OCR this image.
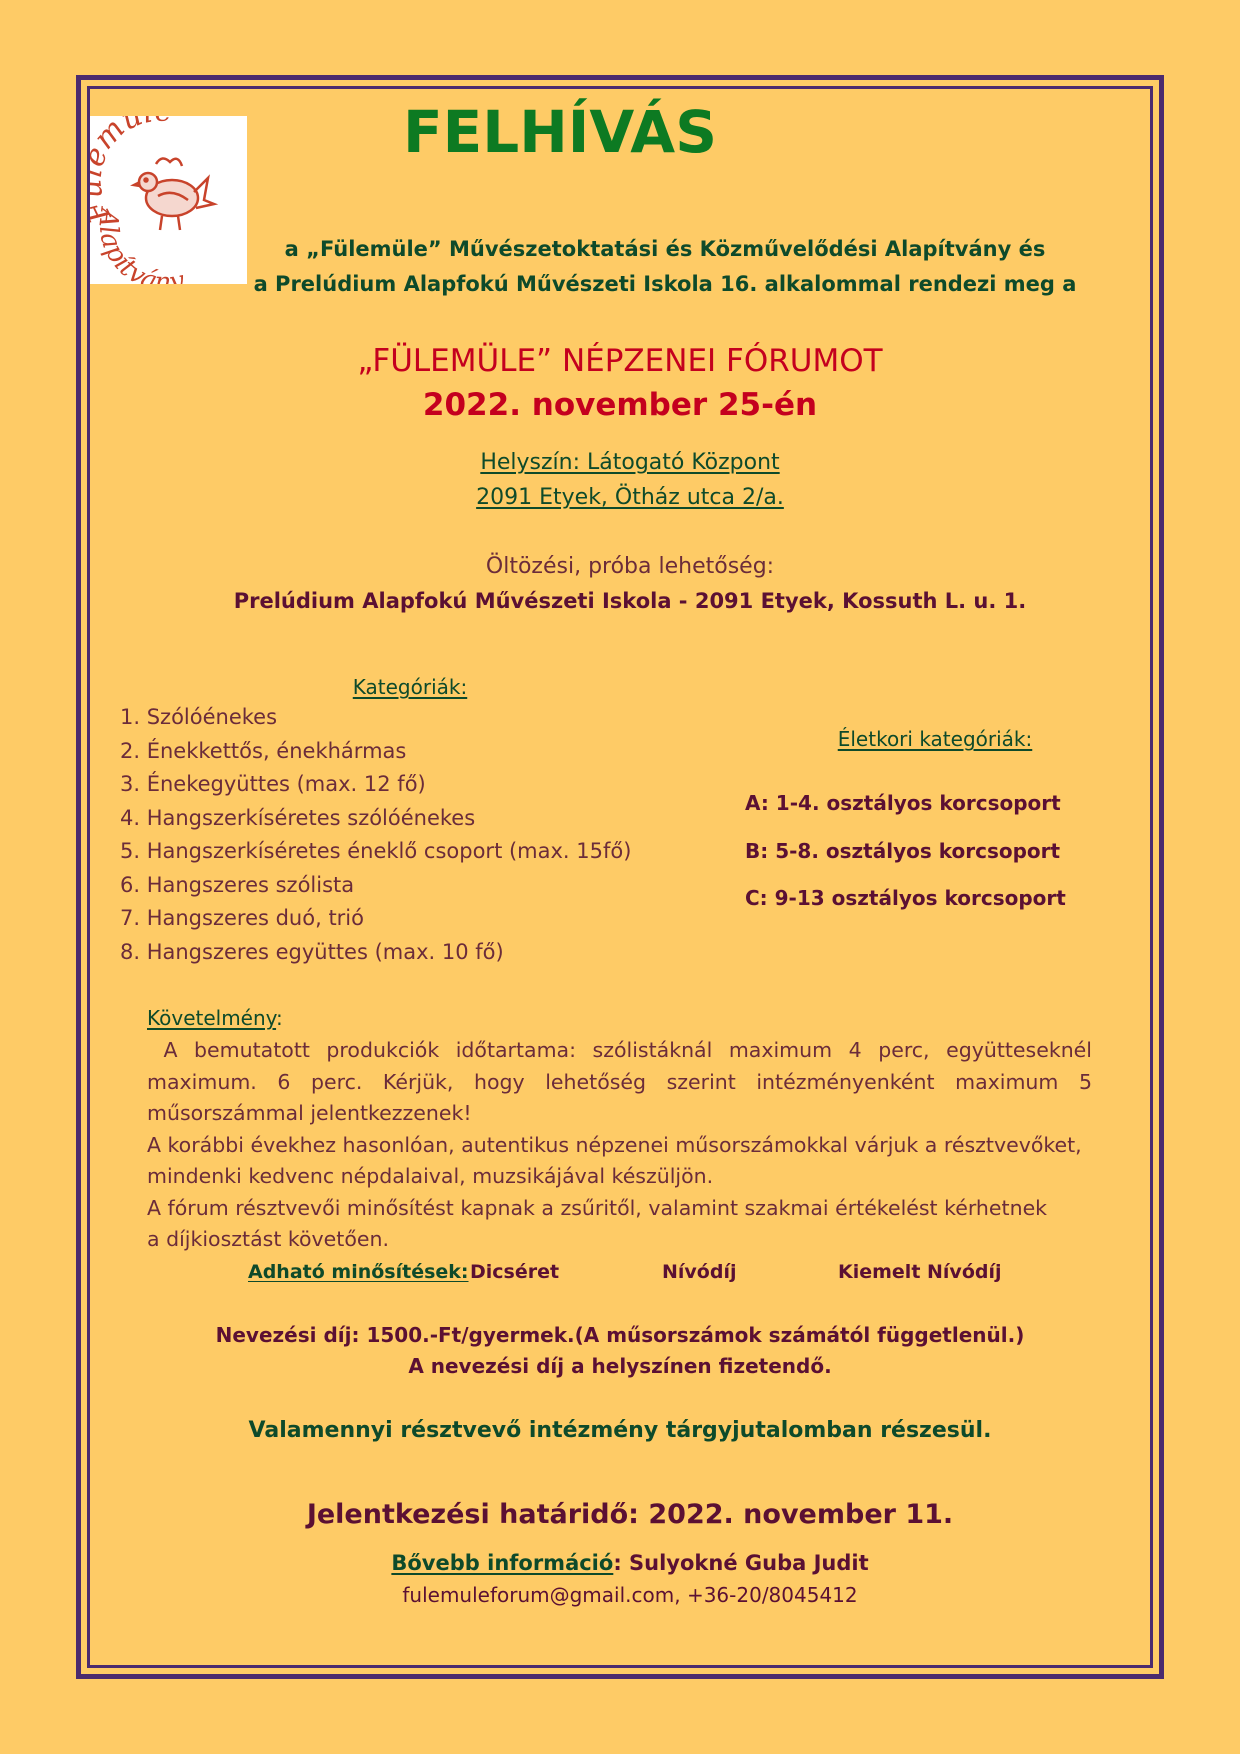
mü
Alapítvány
FELHÍVÁS
a „Fülemüle” Művészetoktatási és Közművelődési Alapítvány és
a Prelúdium Alapfokú Művészeti Iskola 16. alkalommal rendezi meg a
„FÜLEMÜLE” NÉPZENEI FÓRUMOT
2022. november 25-én
Helyszín: Látogató Központ
2091 Etyek, Ötház utca 2/a.
Öltözési, próba lehetőség:
Prelúdium Alapfokú Művészeti Iskola - 2091 Etyek, Kossuth L. u. 1.
Kategóriák:
1. Szólóénekes
2. Énekkettős, énekhármas
3. Énekegyüttes (max. 12 fő)
4. Hangszerkíséretes szólóénekes
5. Hangszerkíséretes éneklő csoport (max. 15fő)
6. Hangszeres szólista
7. Hangszeres duó, trió
8. Hangszeres együttes (max. 10 fő)
Életkori kategóriák:
A: 1-4. osztályos korcsoport
B: 5-8. osztályos korcsoport
C: 9-13 osztályos korcsoport
Követelmény:
A bemutatott produkciók időtartama: szólistáknál maximum 4 perc, együtteseknél
maximum. 6 perc. Kérjük, hogy lehetőség szerint intézményenként maximum 5
műsorszámmal jelentkezzenek!
A korábbi évekhez hasonlóan, autentikus népzenei műsorszámokkal várjuk a résztvevőket,
mindenki kedvenc népdalaival, muzsikájával készüljön.
A fórum résztvevői minősítést kapnak a zsűritől, valamint szakmai értékelést kérhetnek
a díjkiosztást követően.
Adható minősítések: Dicséret	Nívódíj	Kiemelt Nívódíj
Nevezési díj: 1500.-Ft/gyermek.(A műsorszámok számától függetlenül.)
A nevezési díj a helyszínen fizetendő.
Valamennyi résztvevő intézmény tárgyjutalomban részesül.
Jelentkezési határidő: 2022. november 11.
Bővebb információ: Sulyokné Guba Judit
fulemuleforum@gmail.com, +36-20/8045412
